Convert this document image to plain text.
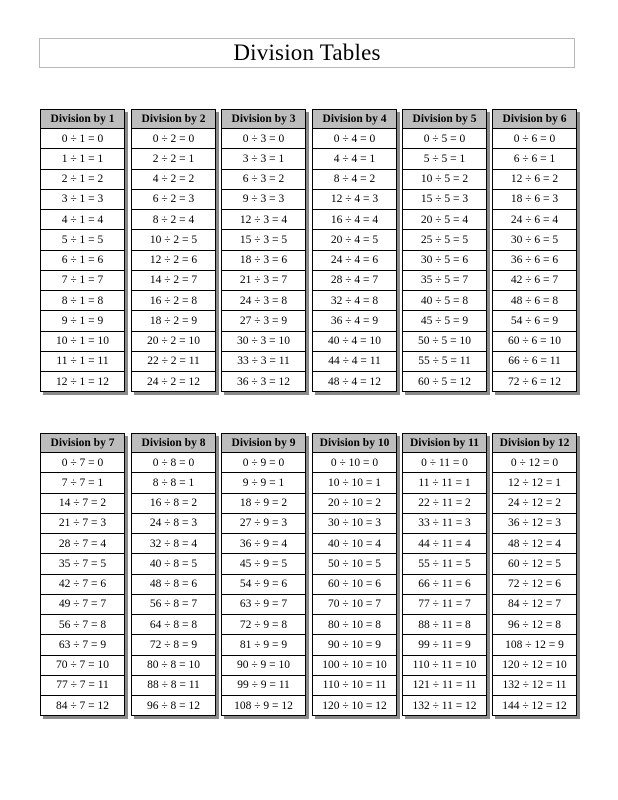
Division Tables
Division by 1
0 ÷ 1 = 0
1 ÷ 1 = 1
2 ÷ 1 = 2
3 ÷ 1 = 3
4 ÷ 1 = 4
5 ÷ 1 = 5
6 ÷ 1 = 6
7 ÷ 1 = 7
8 ÷ 1 = 8
9 ÷ 1 = 9
10 ÷ 1 = 10
11 ÷ 1 = 11
12 ÷ 1 = 12
Division by 2
0 ÷ 2 = 0
2 ÷ 2 = 1
4 ÷ 2 = 2
6 ÷ 2 = 3
8 ÷ 2 = 4
10 ÷ 2 = 5
12 ÷ 2 = 6
14 ÷ 2 = 7
16 ÷ 2 = 8
18 ÷ 2 = 9
20 ÷ 2 = 10
22 ÷ 2 = 11
24 ÷ 2 = 12
Division by 3
0 ÷ 3 = 0
3 ÷ 3 = 1
6 ÷ 3 = 2
9 ÷ 3 = 3
12 ÷ 3 = 4
15 ÷ 3 = 5
18 ÷ 3 = 6
21 ÷ 3 = 7
24 ÷ 3 = 8
27 ÷ 3 = 9
30 ÷ 3 = 10
33 ÷ 3 = 11
36 ÷ 3 = 12
Division by 4
0 ÷ 4 = 0
4 ÷ 4 = 1
8 ÷ 4 = 2
12 ÷ 4 = 3
16 ÷ 4 = 4
20 ÷ 4 = 5
24 ÷ 4 = 6
28 ÷ 4 = 7
32 ÷ 4 = 8
36 ÷ 4 = 9
40 ÷ 4 = 10
44 ÷ 4 = 11
48 ÷ 4 = 12
Division by 5
0 ÷ 5 = 0
5 ÷ 5 = 1
10 ÷ 5 = 2
15 ÷ 5 = 3
20 ÷ 5 = 4
25 ÷ 5 = 5
30 ÷ 5 = 6
35 ÷ 5 = 7
40 ÷ 5 = 8
45 ÷ 5 = 9
50 ÷ 5 = 10
55 ÷ 5 = 11
60 ÷ 5 = 12
Division by 6
0 ÷ 6 = 0
6 ÷ 6 = 1
12 ÷ 6 = 2
18 ÷ 6 = 3
24 ÷ 6 = 4
30 ÷ 6 = 5
36 ÷ 6 = 6
42 ÷ 6 = 7
48 ÷ 6 = 8
54 ÷ 6 = 9
60 ÷ 6 = 10
66 ÷ 6 = 11
72 ÷ 6 = 12
Division by 7
0 ÷ 7 = 0
7 ÷ 7 = 1
14 ÷ 7 = 2
21 ÷ 7 = 3
28 ÷ 7 = 4
35 ÷ 7 = 5
42 ÷ 7 = 6
49 ÷ 7 = 7
56 ÷ 7 = 8
63 ÷ 7 = 9
70 ÷ 7 = 10
77 ÷ 7 = 11
84 ÷ 7 = 12
Division by 8
0 ÷ 8 = 0
8 ÷ 8 = 1
16 ÷ 8 = 2
24 ÷ 8 = 3
32 ÷ 8 = 4
40 ÷ 8 = 5
48 ÷ 8 = 6
56 ÷ 8 = 7
64 ÷ 8 = 8
72 ÷ 8 = 9
80 ÷ 8 = 10
88 ÷ 8 = 11
96 ÷ 8 = 12
Division by 9
0 ÷ 9 = 0
9 ÷ 9 = 1
18 ÷ 9 = 2
27 ÷ 9 = 3
36 ÷ 9 = 4
45 ÷ 9 = 5
54 ÷ 9 = 6
63 ÷ 9 = 7
72 ÷ 9 = 8
81 ÷ 9 = 9
90 ÷ 9 = 10
99 ÷ 9 = 11
108 ÷ 9 = 12
Division by 10
0 ÷ 10 = 0
10 ÷ 10 = 1
20 ÷ 10 = 2
30 ÷ 10 = 3
40 ÷ 10 = 4
50 ÷ 10 = 5
60 ÷ 10 = 6
70 ÷ 10 = 7
80 ÷ 10 = 8
90 ÷ 10 = 9
100 ÷ 10 = 10
110 ÷ 10 = 11
120 ÷ 10 = 12
Division by 11
0 ÷ 11 = 0
11 ÷ 11 = 1
22 ÷ 11 = 2
33 ÷ 11 = 3
44 ÷ 11 = 4
55 ÷ 11 = 5
66 ÷ 11 = 6
77 ÷ 11 = 7
88 ÷ 11 = 8
99 ÷ 11 = 9
110 ÷ 11 = 10
121 ÷ 11 = 11
132 ÷ 11 = 12
Division by 12
0 ÷ 12 = 0
12 ÷ 12 = 1
24 ÷ 12 = 2
36 ÷ 12 = 3
48 ÷ 12 = 4
60 ÷ 12 = 5
72 ÷ 12 = 6
84 ÷ 12 = 7
96 ÷ 12 = 8
108 ÷ 12 = 9
120 ÷ 12 = 10
132 ÷ 12 = 11
144 ÷ 12 = 12
